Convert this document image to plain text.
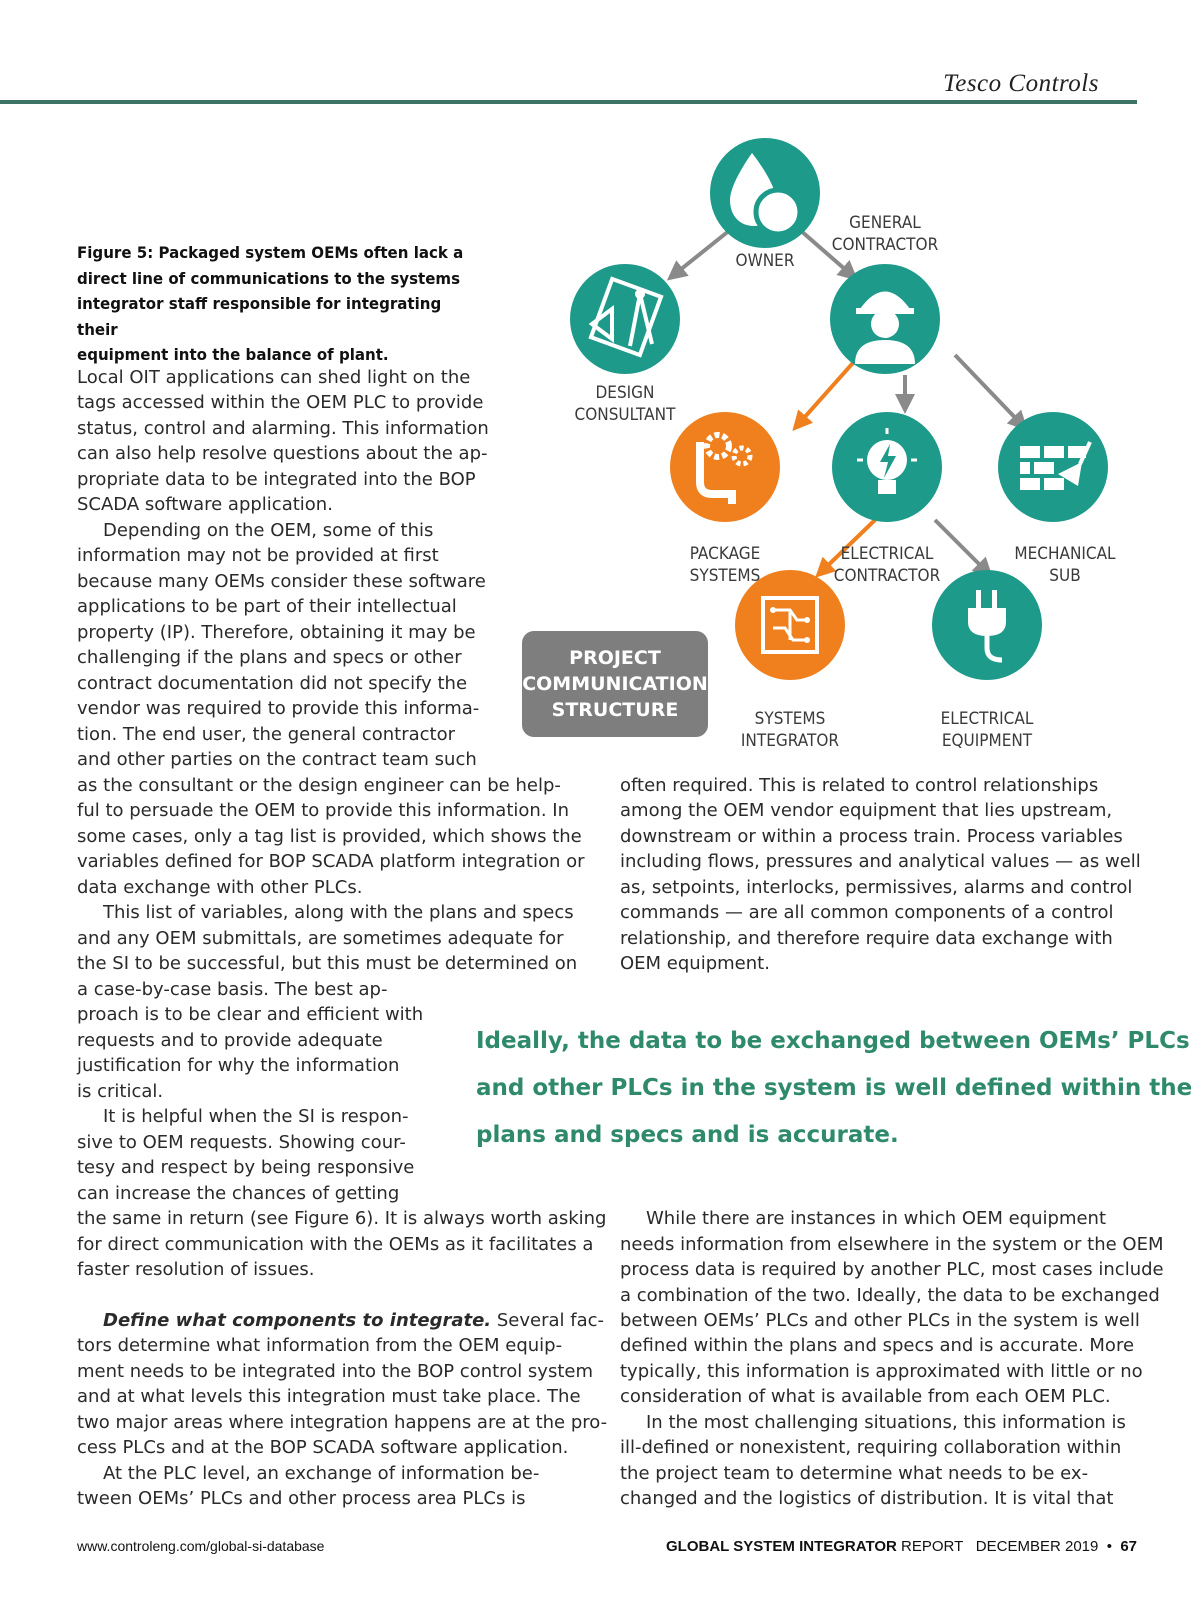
Tesco Controls
Figure 5: Packaged system OEMs often lack a
direct line of communications to the systems
integrator staff responsible for integrating their
equipment into the balance of plant.
OWNER
GENERAL
CONTRACTOR
DESIGN
CONSULTANT
PACKAGE
SYSTEMS
ELECTRICAL
CONTRACTOR
MECHANICAL
SUB
SYSTEMS
INTEGRATOR
ELECTRICAL
EQUIPMENT
PROJECT
COMMUNICATION
STRUCTURE
Local OIT applications can shed light on the
tags accessed within the OEM PLC to provide
status, control and alarming. This information
can also help resolve questions about the ap-
propriate data to be integrated into the BOP
SCADA software application.
Depending on the OEM, some of this
information may not be provided at first
because many OEMs consider these software
applications to be part of their intellectual
property (IP). Therefore, obtaining it may be
challenging if the plans and specs or other
contract documentation did not specify the
vendor was required to provide this informa-
tion. The end user, the general contractor
and other parties on the contract team such
as the consultant or the design engineer can be help-
ful to persuade the OEM to provide this information. In
some cases, only a tag list is provided, which shows the
variables defined for BOP SCADA platform integration or
data exchange with other PLCs.
This list of variables, along with the plans and specs
and any OEM submittals, are sometimes adequate for
the SI to be successful, but this must be determined on
a case-by-case basis. The best ap-
proach is to be clear and efficient with
requests and to provide adequate
justification for why the information
is critical.
It is helpful when the SI is respon-
sive to OEM requests. Showing cour-
tesy and respect by being responsive
can increase the chances of getting
the same in return (see Figure 6). It is always worth asking
for direct communication with the OEMs as it facilitates a
faster resolution of issues.
Define what components to integrate. Several fac-
tors determine what information from the OEM equip-
ment needs to be integrated into the BOP control system
and at what levels this integration must take place. The
two major areas where integration happens are at the pro-
cess PLCs and at the BOP SCADA software application.
At the PLC level, an exchange of information be-
tween OEMs’ PLCs and other process area PLCs is
often required. This is related to control relationships
among the OEM vendor equipment that lies upstream,
downstream or within a process train. Process variables
including flows, pressures and analytical values — as well
as, setpoints, interlocks, permissives, alarms and control
commands — are all common components of a control
relationship, and therefore require data exchange with
OEM equipment.
Ideally, the data to be exchanged between OEMs’ PLCs
and other PLCs in the system is well defined within the
plans and specs and is accurate.
While there are instances in which OEM equipment
needs information from elsewhere in the system or the OEM
process data is required by another PLC, most cases include
a combination of the two. Ideally, the data to be exchanged
between OEMs’ PLCs and other PLCs in the system is well
defined within the plans and specs and is accurate. More
typically, this information is approximated with little or no
consideration of what is available from each OEM PLC.
In the most challenging situations, this information is
ill-defined or nonexistent, requiring collaboration within
the project team to determine what needs to be ex-
changed and the logistics of distribution. It is vital that
www.controleng.com/global-si-database	GLOBAL SYSTEM INTEGRATOR REPORT DECEMBER 2019 • 67
